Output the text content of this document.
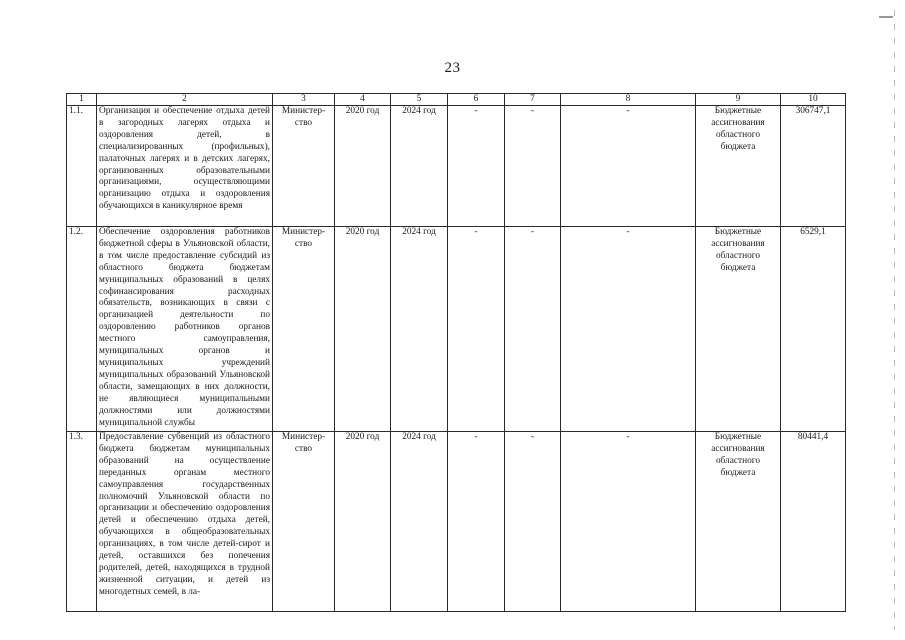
23
1	2	3	4	5	6	7	8	9	10
1.1.	Организация и обеспечение отдыха детей в загородных лагерях отдыха и оздоровления детей, в специализированных (профильных), палаточных лагерях и в детских лагерях, организованных образовательными организациями, осуществляющими организацию отдыха и оздоровления обучающихся в каникулярное время	Министер-ство	2020 год	2024 год	-	-	-	Бюджетные ассигнования областного бюджета	306747,1
1.2.	Обеспечение оздоровления работников бюджетной сферы в Ульяновской области, в том числе предоставление субсидий из областного бюджета бюджетам муниципальных образований в целях софинансирования расходных обязательств, возникающих в связи с организацией деятельности по оздоровлению работников органов местного самоуправления, муниципальных органов и муниципальных учреждений муниципальных образований Ульяновской области, замещающих в них должности, не являющиеся муниципальными должностями или должностями муниципальной службы	Министер-ство	2020 год	2024 год	-	-	-	Бюджетные ассигнования областного бюджета	6529,1
1.3.	Предоставление субвенций из областного бюджета бюджетам муниципальных образований на осуществление переданных органам местного самоуправления государственных полномочий Ульяновской области по организации и обеспечению оздоровления детей и обеспечению отдыха детей, обучающихся в общеобразовательных организациях, в том числе детей-сирот и детей, оставшихся без попечения родителей, детей, находящихся в трудной жизненной ситуации, и детей из многодетных семей, в ла-	Министер-ство	2020 год	2024 год	-	-	-	Бюджетные ассигнования областного бюджета	80441,4
